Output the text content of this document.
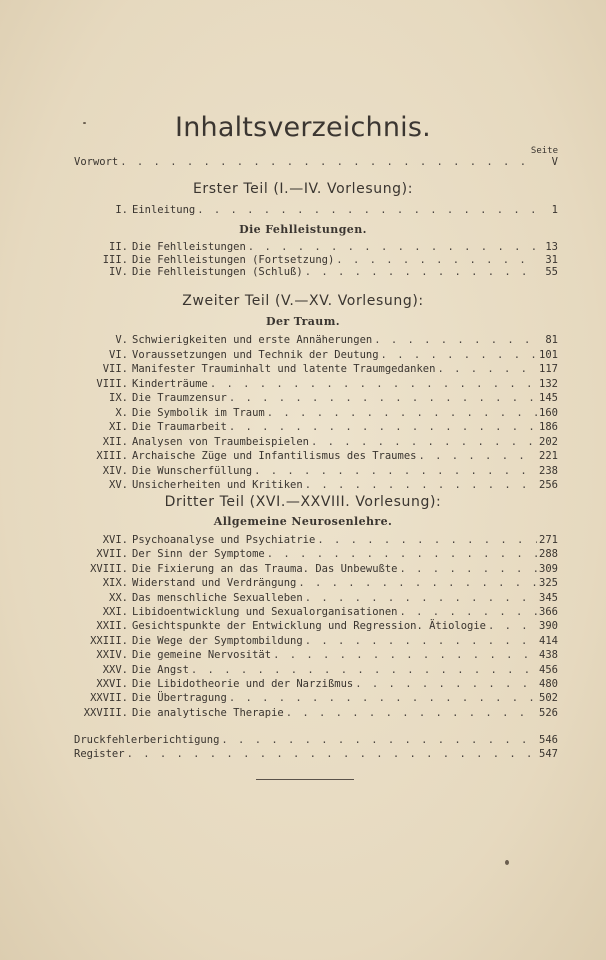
Inhaltsverzeichnis.
Seite
Vorwort . . .	V
Erster Teil (I.—IV. Vorlesung):
I. Einleitung . . .	1
Die Fehlleistungen.
II. Die Fehlleistungen . . .	13
III. Die Fehlleistungen (Fortsetzung) . . .	31
IV. Die Fehlleistungen (Schluß) . . .	55
Zweiter Teil (V.—XV. Vorlesung):
Der Traum.
V. Schwierigkeiten und erste Annäherungen . . .	81
VI. Voraussetzungen und Technik der Deutung . . .	101
VII. Manifester Trauminhalt und latente Traumgedanken . . .	117
VIII. Kinderträume . . .	132
IX. Die Traumzensur . . .	145
X. Die Symbolik im Traum . . .	160
XI. Die Traumarbeit . . .	186
XII. Analysen von Traumbeispielen . . .	202
XIII. Archaische Züge und Infantilismus des Traumes . . .	221
XIV. Die Wunscherfüllung . . .	238
XV. Unsicherheiten und Kritiken . . .	256
Dritter Teil (XVI.—XXVIII. Vorlesung):
Allgemeine Neurosenlehre.
XVI. Psychoanalyse und Psychiatrie . . .	271
XVII. Der Sinn der Symptome . . .	288
XVIII. Die Fixierung an das Trauma. Das Unbewußte . . .	309
XIX. Widerstand und Verdrängung . . .	325
XX. Das menschliche Sexualleben . . .	345
XXI. Libidoentwicklung und Sexualorganisationen . . .	366
XXII. Gesichtspunkte der Entwicklung und Regression. Ätiologie . . .	390
XXIII. Die Wege der Symptombildung . . .	414
XXIV. Die gemeine Nervosität . . .	438
XXV. Die Angst . . .	456
XXVI. Die Libidotheorie und der Narzißmus . . .	480
XXVII. Die Übertragung . . .	502
XXVIII. Die analytische Therapie . . .	526
Druckfehlerberichtigung . . .	546
Register . . .	547
